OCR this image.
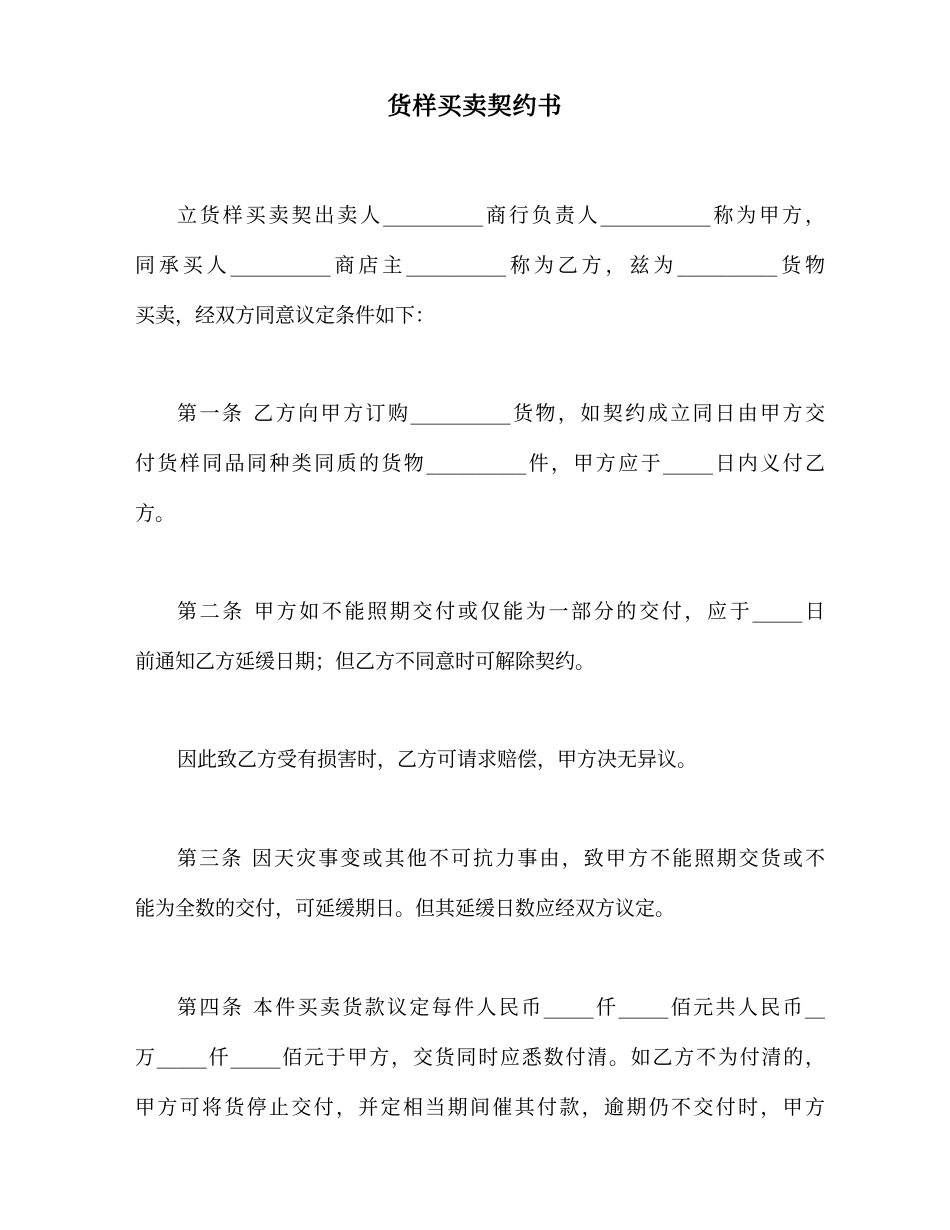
货样买卖契约书
立货样买卖契出卖人__________商行负责人___________称为甲方，
同承买人__________商店主__________称为乙方，兹为__________货物
买卖，经双方同意议定条件如下：
第一条 乙方向甲方订购__________货物，如契约成立同日由甲方交
付货样同品同种类同质的货物__________件，甲方应于_____日内义付乙
方。
第二条 甲方如不能照期交付或仅能为一部分的交付，应于_____日
前通知乙方延缓日期；但乙方不同意时可解除契约。
因此致乙方受有损害时，乙方可请求赔偿，甲方决无异议。
第三条 因天灾事变或其他不可抗力事由，致甲方不能照期交货或不
能为全数的交付，可延缓期日。但其延缓日数应经双方议定。
第四条 本件买卖货款议定每件人民币_____仟_____佰元共人民币__
万_____仟_____佰元于甲方，交货同时应悉数付清。如乙方不为付清的，
甲方可将货停止交付，并定相当期间催其付款，逾期仍不交付时，甲方
